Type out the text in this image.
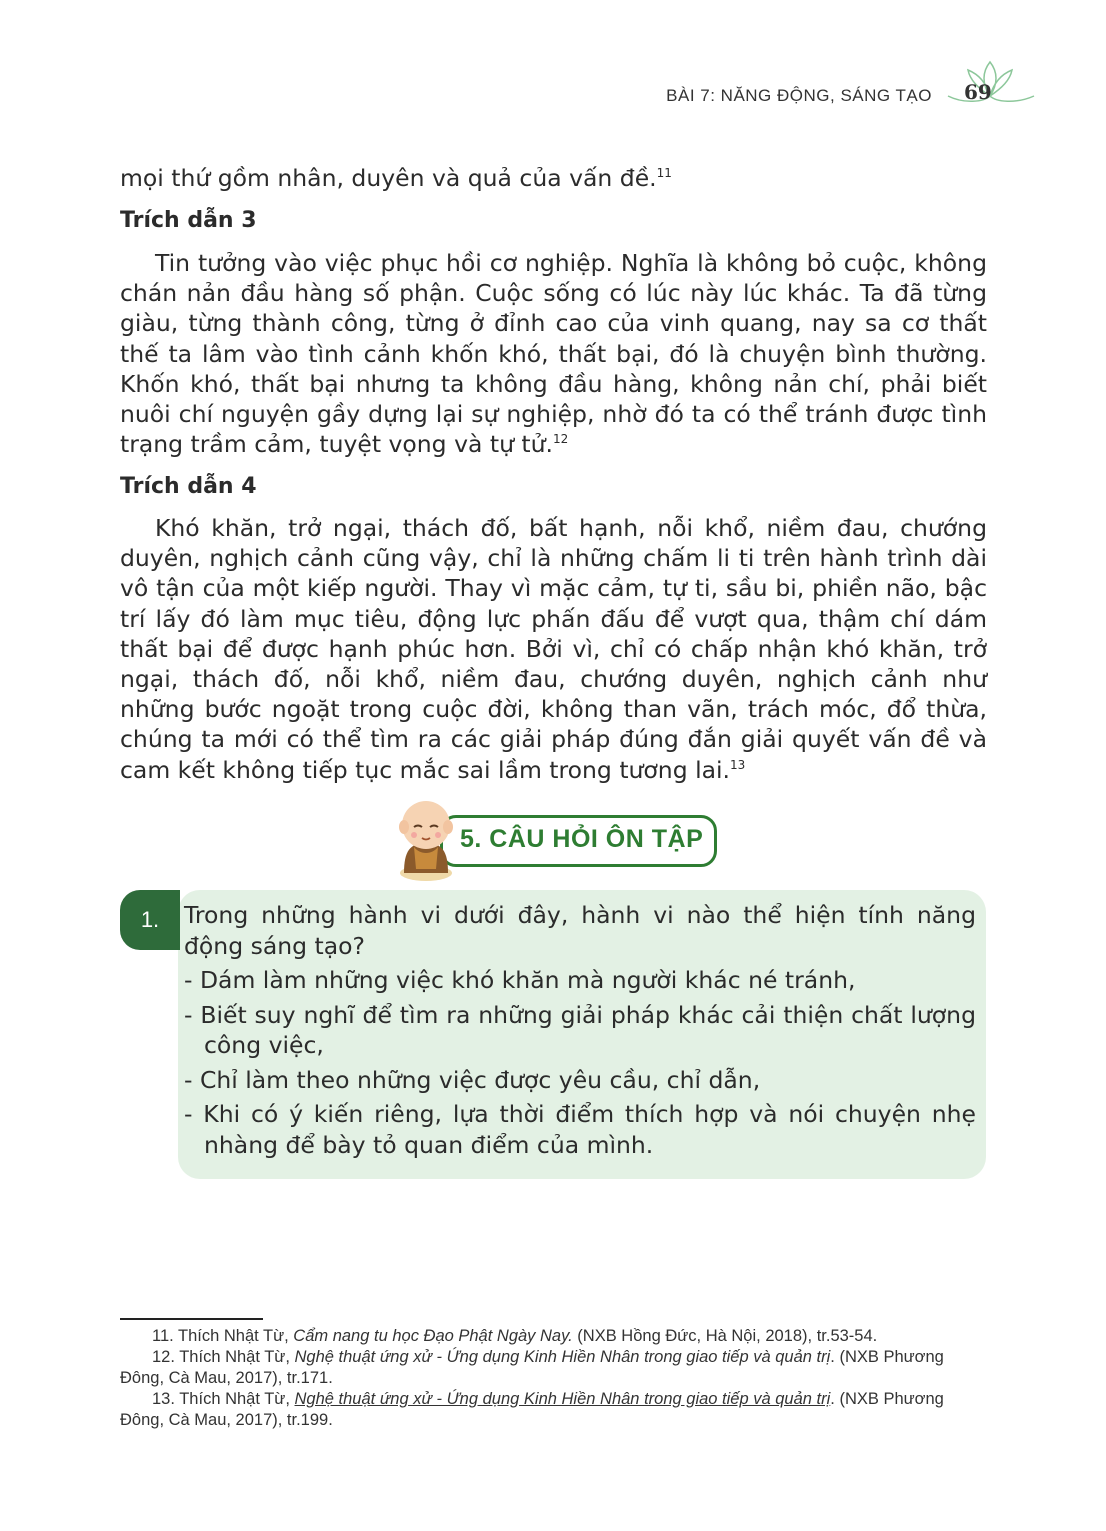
BÀI 7: NĂNG ĐỘNG, SÁNG TẠO 69
mọi thứ gồm nhân, duyên và quả của vấn đề.$^{11}$
Trích dẫn 3
Tin tưởng vào việc phục hồi cơ nghiệp. Nghĩa là không bỏ cuộc, không chán nản đầu hàng số phận. Cuộc sống có lúc này lúc khác. Ta đã từng giàu, từng thành công, từng ở đỉnh cao của vinh quang, nay sa cơ thất thế ta lâm vào tình cảnh khốn khó, thất bại, đó là chuyện bình thường. Khốn khó, thất bại nhưng ta không đầu hàng, không nản chí, phải biết nuôi chí nguyện gầy dựng lại sự nghiệp, nhờ đó ta có thể tránh được tình trạng trầm cảm, tuyệt vọng và tự tử.$^{12}$
Trích dẫn 4
Khó khăn, trở ngại, thách đố, bất hạnh, nỗi khổ, niềm đau, chướng duyên, nghịch cảnh cũng vậy, chỉ là những chấm li ti trên hành trình dài vô tận của một kiếp người. Thay vì mặc cảm, tự ti, sầu bi, phiền não, bậc trí lấy đó làm mục tiêu, động lực phấn đấu để vượt qua, thậm chí dám thất bại để được hạnh phúc hơn. Bởi vì, chỉ có chấp nhận khó khăn, trở ngại, thách đố, nỗi khổ, niềm đau, chướng duyên, nghịch cảnh như những bước ngoặt trong cuộc đời, không than vãn, trách móc, đổ thừa, chúng ta mới có thể tìm ra các giải pháp đúng đắn giải quyết vấn đề và cam kết không tiếp tục mắc sai lầm trong tương lai.$^{13}$
5. CÂU HỎI ÔN TẬP
1.	Trong những hành vi dưới đây, hành vi nào thể hiện tính năng động sáng tạo?
- Dám làm những việc khó khăn mà người khác né tránh,
- Biết suy nghĩ để tìm ra những giải pháp khác cải thiện chất lượng công việc,
- Chỉ làm theo những việc được yêu cầu, chỉ dẫn,
- Khi có ý kiến riêng, lựa thời điểm thích hợp và nói chuyện nhẹ nhàng để bày tỏ quan điểm của mình.

11. Thích Nhật Từ, Cẩm nang tu học Đạo Phật Ngày Nay. (NXB Hồng Đức, Hà Nội, 2018), tr.53-54.

12. Thích Nhật Từ, Nghệ thuật ứng xử - Ứng dụng Kinh Hiền Nhân trong giao tiếp và quản trị. (NXB Phương Đông, Cà Mau, 2017), tr.171.

13. Thích Nhật Từ, Nghệ thuật ứng xử - Ứng dụng Kinh Hiền Nhân trong giao tiếp và quản trị. (NXB Phương Đông, Cà Mau, 2017), tr.199.
